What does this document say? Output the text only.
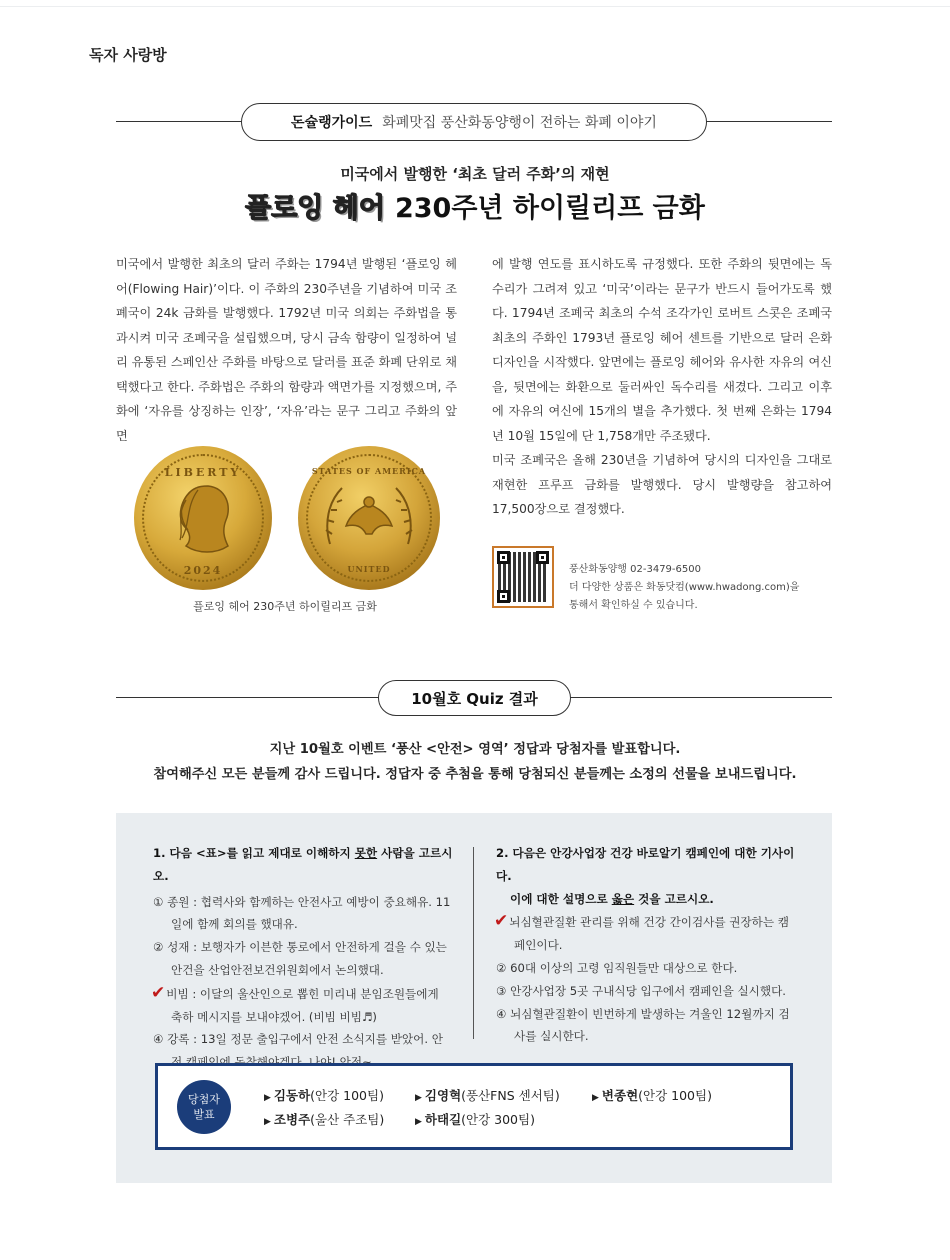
독자 사랑방
돈슐랭가이드 화폐맛집 풍산화동양행이 전하는 화폐 이야기
미국에서 발행한 ‘최초 달러 주화’의 재현
플로잉 헤어 230주년 하이릴리프 금화

미국에서 발행한 최초의 달러 주화는 1794년 발행된 ‘플로잉 헤어(Flowing Hair)’이다. 이 주화의 230주년을 기념하여 미국 조폐국이 24k 금화를 발행했다. 1792년 미국 의회는 주화법을 통과시켜 미국 조폐국을 설립했으며, 당시 금속 함량이 일정하여 널리 유통된 스페인산 주화를 바탕으로 달러를 표준 화폐 단위로 채택했다고 한다. 주화법은 주화의 함량과 액면가를 지정했으며, 주화에 ‘자유를 상징하는 인장’, ‘자유’라는 문구 그리고 주화의 앞면

에 발행 연도를 표시하도록 규정했다. 또한 주화의 뒷면에는 독수리가 그려져 있고 ‘미국’이라는 문구가 반드시 들어가도록 했다. 1794년 조폐국 최초의 수석 조각가인 로버트 스콧은 조폐국 최초의 주화인 1793년 플로잉 헤어 센트를 기반으로 달러 은화 디자인을 시작했다. 앞면에는 플로잉 헤어와 유사한 자유의 여신을, 뒷면에는 화환으로 둘러싸인 독수리를 새겼다. 그리고 이후에 자유의 여신에 15개의 별을 추가했다. 첫 번째 은화는 1794년 10월 15일에 단 1,758개만 주조됐다.

미국 조폐국은 올해 230년을 기념하여 당시의 디자인을 그대로 재현한 프루프 금화를 발행했다. 당시 발행량을 참고하여 17,500장으로 결정했다.

LIBERTY
2024
STATES OF AMERICA
UNITED
플로잉 헤어 230주년 하이릴리프 금화
풍산화동양행 02-3479-6500
더 다양한 상품은 화동닷컴(www.hwadong.com)을
통해서 확인하실 수 있습니다.
10월호 Quiz 결과
지난 10월호 이벤트 ‘풍산 <안전> 영역’ 정답과 당첨자를 발표합니다.
참여해주신 모든 분들께 감사 드립니다. 정답자 중 추첨을 통해 당첨되신 분들께는 소정의 선물을 보내드립니다.
1. 다음 <표>를 읽고 제대로 이해하지 못한 사람을 고르시오.
① 종원 : 협력사와 함께하는 안전사고 예방이 중요해유. 11일에 함께 회의를 했대유.
② 성재 : 보행자가 이븐한 통로에서 안전하게 걸을 수 있는 안건을 산업안전보건위원회에서 논의했대.
✔비빔 : 이달의 울산인으로 뽑힌 미리내 분임조원들에게 축하 메시지를 보내야겠어. (비빔 비빔♬)
④ 강록 : 13일 정문 출입구에서 안전 소식지를 받았어. 안
2. 다음은 안강사업장 건강 바로알기 캠페인에 대한 기사이다.
이에 대한 설명으로 옳은 것을 고르시오.
✔뇌심혈관질환 관리를 위해 건강 간이검사를 권장하는 캠페인이다.
② 60대 이상의 고령 임직원들만 대상으로 한다.
③ 안강사업장 5곳 구내식당 입구에서 캠페인을 실시했다.
④ 뇌심혈관질환이 빈번하게 발생하는 겨울인 12월까지 검사를 실시한다.
당첨자
발표
▶ 김동하(안강 100팀)	▶ 김영혁(풍산FNS 센서팀)	▶ 변종현(안강 100팀)
▶ 조병주(울산 주조팀)	▶ 하태길(안강 300팀)
